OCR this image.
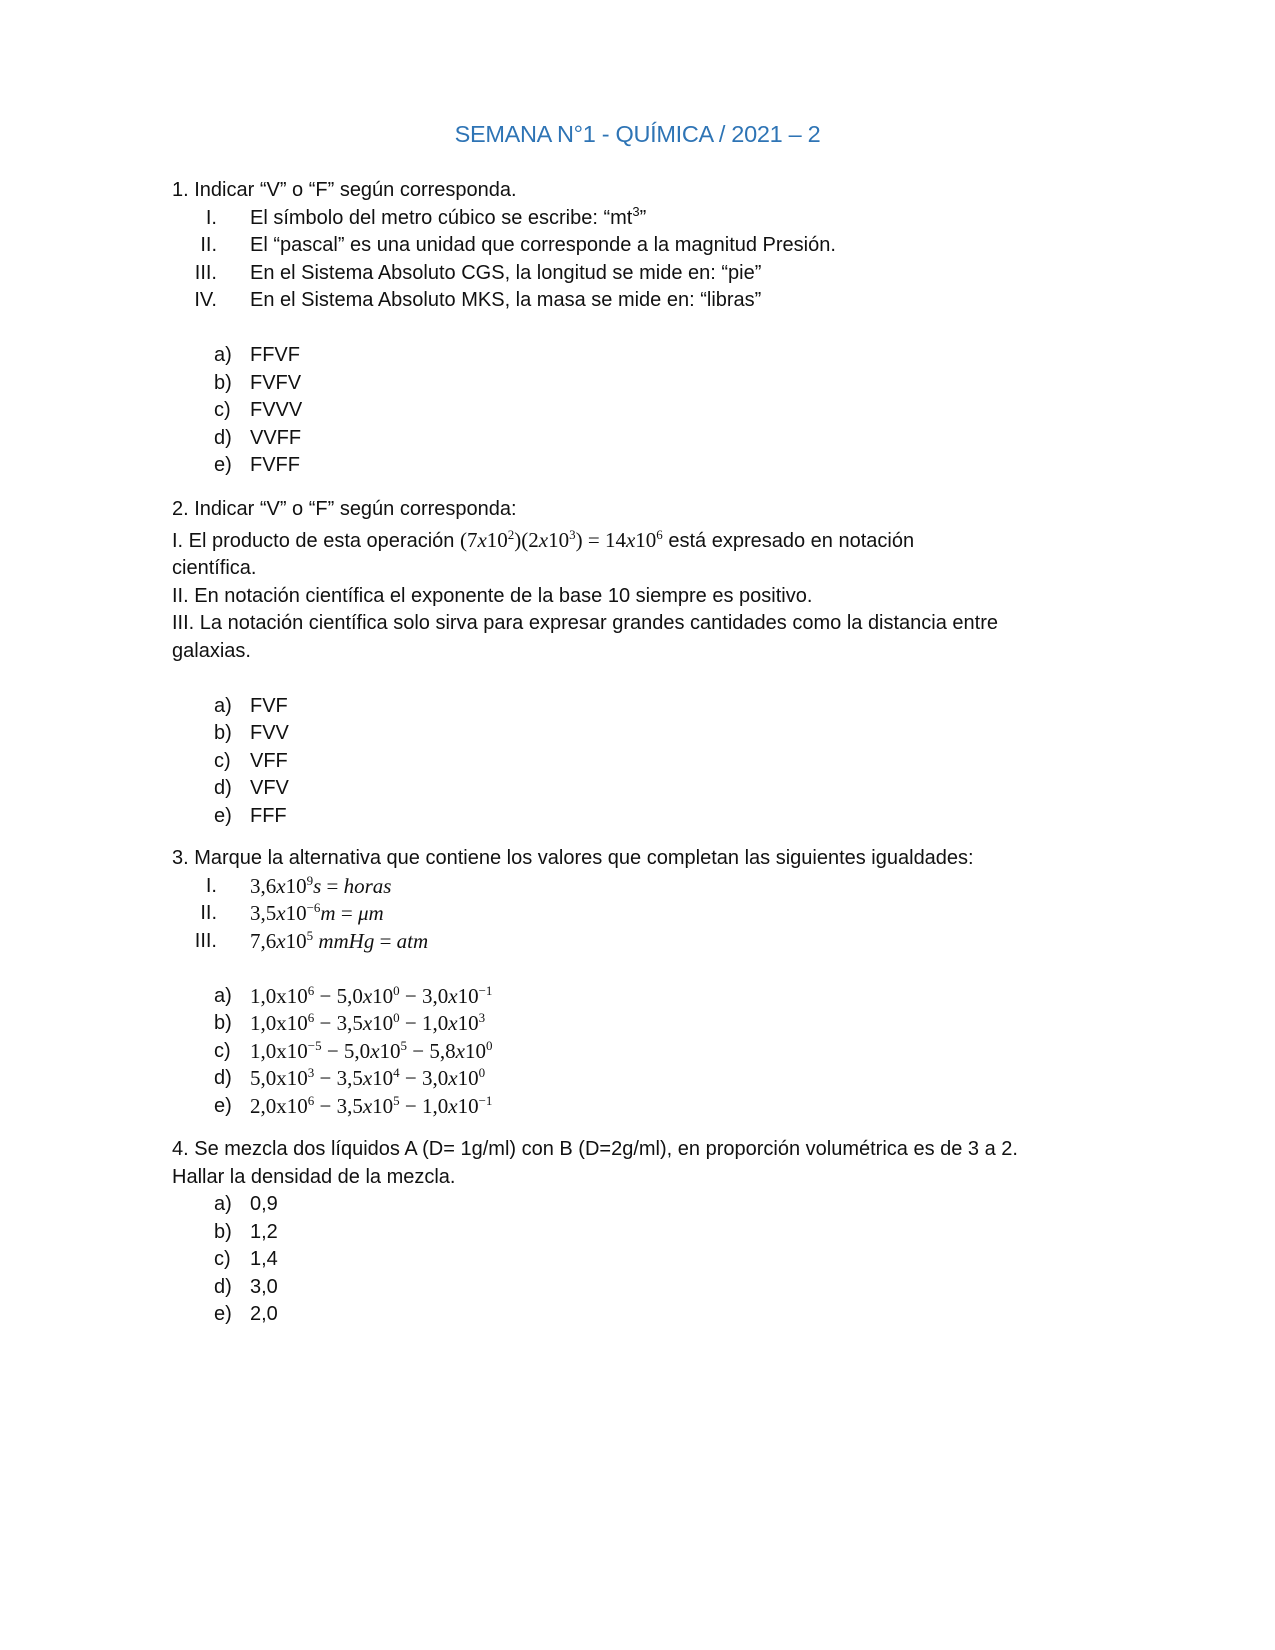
SEMANA N°1 - QUÍMICA / 2021 – 2
1. Indicar “V” o “F” según corresponda.
I. El símbolo del metro cúbico se escribe: “$mt^3$”
II. El “pascal” es una unidad que corresponde a la magnitud Presión.
III. En el Sistema Absoluto CGS, la longitud se mide en: “pie”
IV. En el Sistema Absoluto MKS, la masa se mide en: “libras”
a) FFVF
b) FVFV
c) FVVV
d) VVFF
e) FVFF
2. Indicar “V” o “F” según corresponda:
I. El producto de esta operación $(7x10^2)(2x10^3) = 14x10^6$ está expresado en notación
científica.
II. En notación científica el exponente de la base 10 siempre es positivo.
III. La notación científica solo sirva para expresar grandes cantidades como la distancia entre galaxias.
a) FVF
b) FVV
c) VFF
d) VFV
e) FFF
3. Marque la alternativa que contiene los valores que completan las siguientes igualdades:
I. $3,6x10^9s$ = horas
II. $3,5x10^{-6}m = \mu m$
III. $7,6x10^5$ mmHg = atm
a) $1,0x10^6 - 5,0x10^0 - 3,0x10^{-1}$
b) $1,0x10^6 - 3,5x10^0 - 1,0x10^3$
c) $1,0x10^{-5} - 5,0x10^5 - 5,8x10^0$
d) $5,0x10^3 - 3,5x10^4 - 3,0x10^0$
e) $2,0x10^6 - 3,5x10^5 - 1,0x10^{-1}$
4. Se mezcla dos líquidos A (D= 1g/ml) con B (D=2g/ml), en proporción volumétrica es de 3 a 2.
Hallar la densidad de la mezcla.
a) 0,9
b) 1,2
c) 1,4
d) 3,0
e) 2,0
